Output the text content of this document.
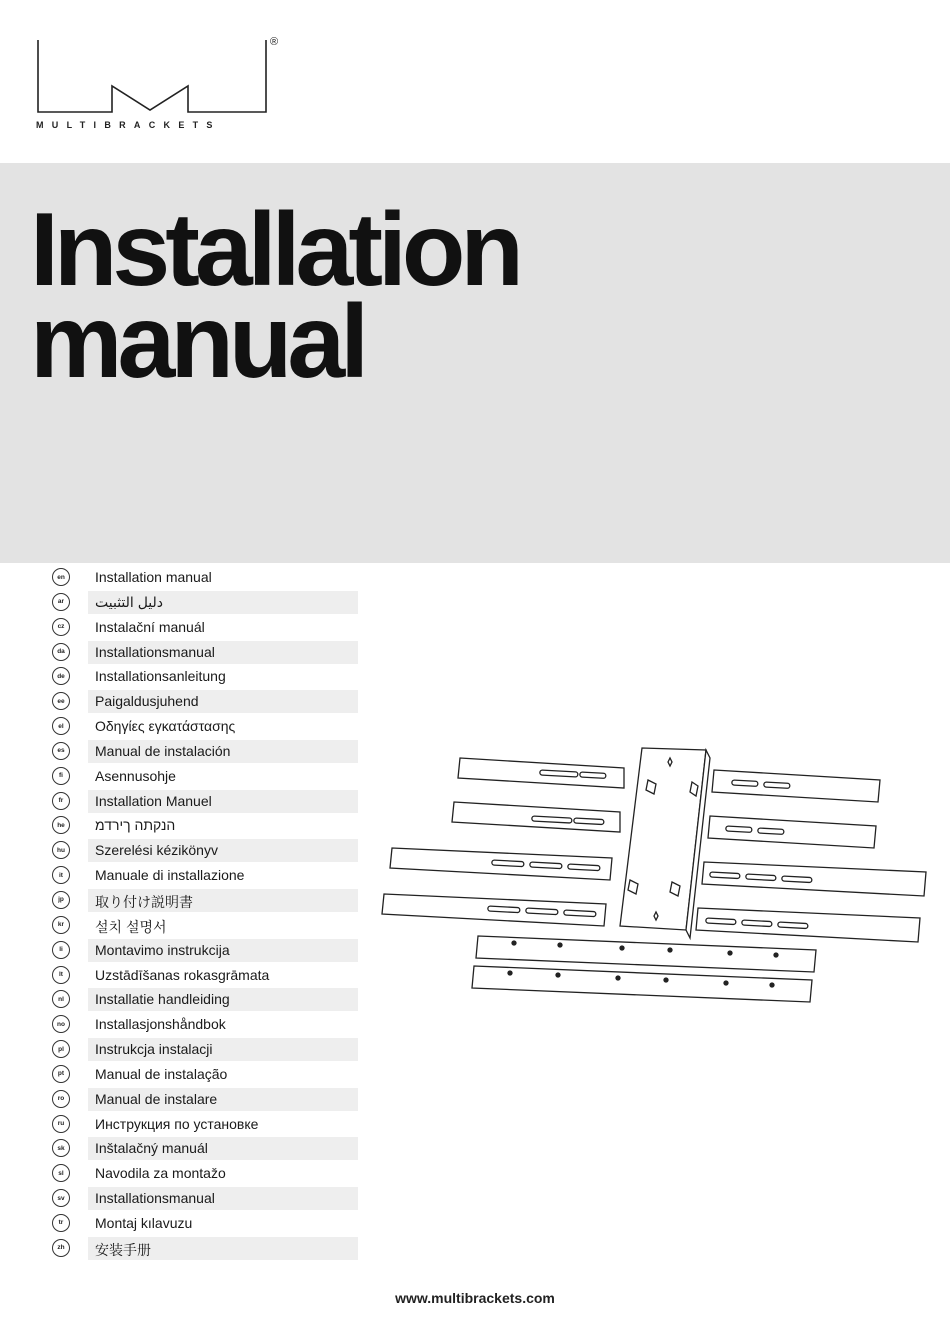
®
MULTIBRACKETS
Installation
manual
en	Installation manual
ar	دليل التثبيت
cz	Instalační manuál
da	Installationsmanual
de	Installationsanleitung
ee	Paigaldusjuhend
el	Οδηγίες εγκατάστασης
es	Manual de instalación
fi	Asennusohje
fr	Installation Manuel
he	הנקתה ךירדמ
hu	Szerelési kézikönyv
it	Manuale di installazione
jp	取り付け説明書
kr	설치 설명서
li	Montavimo instrukcija
lt	Uzstādīšanas rokasgrāmata
nl	Installatie handleiding
no	Installasjonshåndbok
pl	Instrukcja instalacji
pt	Manual de instalação
ro	Manual de instalare
ru	Инструкция по установке
sk	Inštalačný manuál
sl	Navodila za montažo
sv	Installationsmanual
tr	Montaj kılavuzu
zh	安装手册
www.multibrackets.com
